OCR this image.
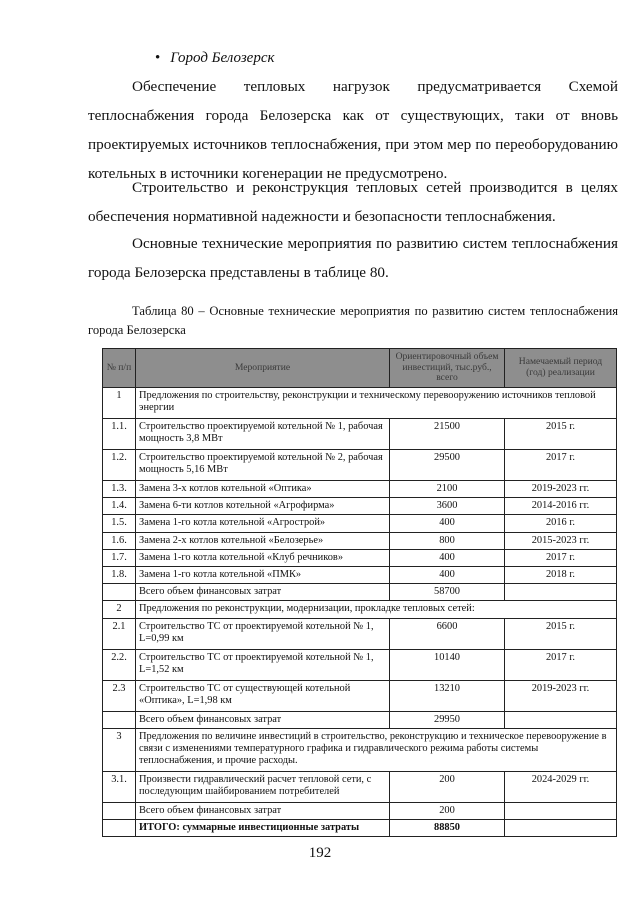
• Город Белозерск

Обеспечение тепловых нагрузок предусматривается Схемой теплоснабжения города Белозерска как от существующих, таки от вновь проектируемых источников теплоснабжения, при этом мер по переоборудованию котельных в источники когенерации не предусмотрено.

Строительство и реконструкция тепловых сетей производится в целях обеспечения нормативной надежности и безопасности теплоснабжения.

Основные технические мероприятия по развитию систем теплоснабжения города Белозерска представлены в таблице 80.

Таблица 80 – Основные технические мероприятия по развитию систем теплоснабжения города Белозерска

№ п/п	Мероприятие	Ориентировочный объем инвестиций, тыс.руб., всего	Намечаемый период (год) реализации
1	Предложения по строительству, реконструкции и техническому перевооружению источников тепловой энергии		
1.1.	Строительство проектируемой котельной № 1, рабочая мощность 3,8 МВт	21500	2015 г.
1.2.	Строительство проектируемой котельной № 2, рабочая мощность 5,16 МВт	29500	2017 г.
1.3.	Замена 3-х котлов котельной «Оптика»	2100	2019-2023 гг.
1.4.	Замена 6-ти котлов котельной «Агрофирма»	3600	2014-2016 гг.
1.5.	Замена 1-го котла котельной «Агрострой»	400	2016 г.
1.6.	Замена 2-х котлов котельной «Белозерье»	800	2015-2023 гг.
1.7.	Замена 1-го котла котельной «Клуб речников»	400	2017 г.
1.8.	Замена 1-го котла котельной «ПМК»	400	2018 г.
	Всего объем финансовых затрат	58700	
2	Предложения по реконструкции, модернизации, прокладке тепловых сетей:		
2.1	Строительство ТС от проектируемой котельной № 1, L=0,99 км	6600	2015 г.
2.2.	Строительство ТС от проектируемой котельной № 1, L=1,52 км	10140	2017 г.
2.3	Строительство ТС от существующей котельной «Оптика», L=1,98 км	13210	2019-2023 гг.
	Всего объем финансовых затрат	29950	
3	Предложения по величине инвестиций в строительство, реконструкцию и техническое перевооружение в связи с изменениями температурного графика и гидравлического режима работы системы теплоснабжения, и прочие расходы.		
3.1.	Произвести гидравлический расчет тепловой сети, с последующим шайбированием потребителей	200	2024-2029 гг.
	Всего объем финансовых затрат	200	
	ИТОГО: суммарные инвестиционные затраты	88850	
192
